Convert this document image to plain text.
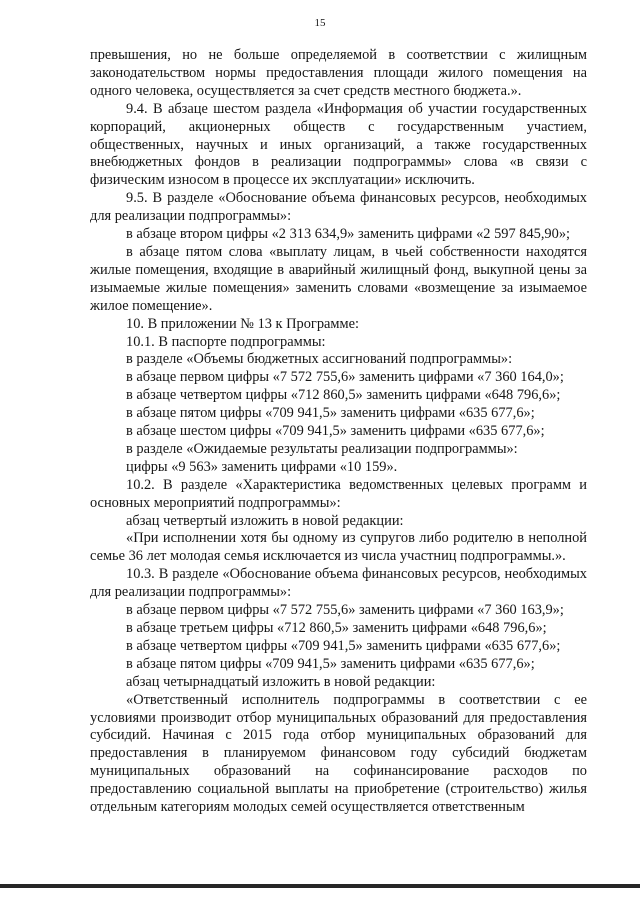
15

превышения, но не больше определяемой в соответствии с жилищным законодательством нормы предоставления площади жилого помещения на одного человека, осуществляется за счет средств местного бюджета.».

9.4. В абзаце шестом раздела «Информация об участии государственных корпораций, акционерных обществ с государственным участием, общественных, научных и иных организаций, а также государственных внебюджетных фондов в реализации подпрограммы» слова «в связи с физическим износом в процессе их эксплуатации» исключить.

9.5. В разделе «Обоснование объема финансовых ресурсов, необходимых для реализации подпрограммы»:

в абзаце втором цифры «2 313 634,9» заменить цифрами «2 597 845,90»;

в абзаце пятом слова «выплату лицам, в чьей собственности находятся жилые помещения, входящие в аварийный жилищный фонд, выкупной цены за изымаемые жилые помещения» заменить словами «возмещение за изымаемое жилое помещение».

10. В приложении № 13 к Программе:

10.1. В паспорте подпрограммы:

в разделе «Объемы бюджетных ассигнований подпрограммы»:

в абзаце первом цифры «7 572 755,6» заменить цифрами «7 360 164,0»;

в абзаце четвертом цифры «712 860,5» заменить цифрами «648 796,6»;

в абзаце пятом цифры «709 941,5» заменить цифрами «635 677,6»;

в абзаце шестом цифры «709 941,5» заменить цифрами «635 677,6»;

в разделе «Ожидаемые результаты реализации подпрограммы»:

цифры «9 563» заменить цифрами «10 159».

10.2. В разделе «Характеристика ведомственных целевых программ и основных мероприятий подпрограммы»:

абзац четвертый изложить в новой редакции:

«При исполнении хотя бы одному из супругов либо родителю в неполной семье 36 лет молодая семья исключается из числа участниц подпрограммы.».

10.3. В разделе «Обоснование объема финансовых ресурсов, необходимых для реализации подпрограммы»:

в абзаце первом цифры «7 572 755,6» заменить цифрами «7 360 163,9»;

в абзаце третьем цифры «712 860,5» заменить цифрами «648 796,6»;

в абзаце четвертом цифры «709 941,5» заменить цифрами «635 677,6»;

в абзаце пятом цифры «709 941,5» заменить цифрами «635 677,6»;

абзац четырнадцатый изложить в новой редакции:

«Ответственный исполнитель подпрограммы в соответствии с ее условиями производит отбор муниципальных образований для предоставления субсидий. Начиная с 2015 года отбор муниципальных образований для предоставления в планируемом финансовом году субсидий бюджетам муниципальных образований на софинансирование расходов по предоставлению социальной выплаты на приобретение (строительство) жилья отдельным категориям молодых семей осуществляется ответственным
